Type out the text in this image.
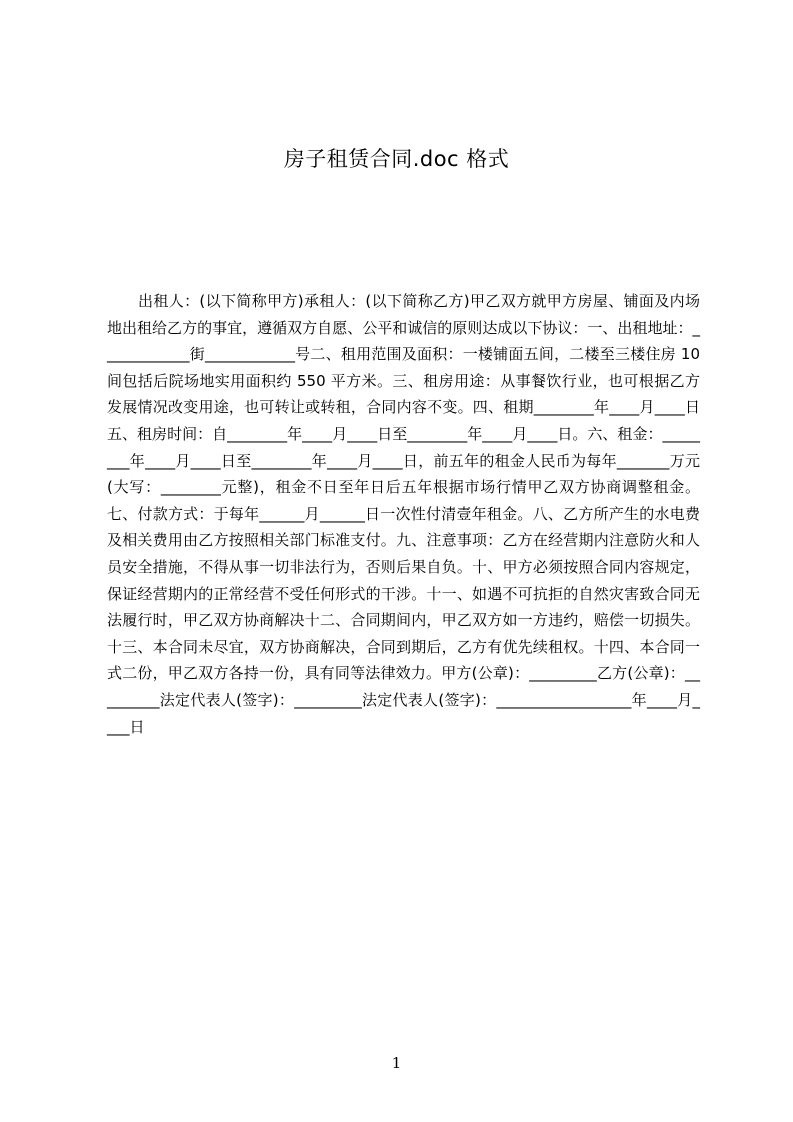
房子租赁合同.doc 格式

出租人：(以下简称甲方)承租人：(以下简称乙方)甲乙双方就甲方房屋、铺面及内场地出租给乙方的事宜，遵循双方自愿、公平和诚信的原则达成以下协议：一、出租地址：____________街____________号二、租用范围及面积：一楼铺面五间，二楼至三楼住房 10 间包括后院场地实用面积约 550 平方米。三、租房用途：从事餐饮行业，也可根据乙方发展情况改变用途，也可转让或转租，合同内容不变。四、租期________年____月____日五、租房时间：自________年____月____日至________年____月____日。六、租金：________年____月____日至________年____月____日，前五年的租金人民币为每年_______万元(大写：________元整)，租金不日至年日后五年根据市场行情甲乙双方协商调整租金。七、付款方式：于每年______月______日一次性付清壹年租金。八、乙方所产生的水电费及相关费用由乙方按照相关部门标准支付。九、注意事项：乙方在经营期内注意防火和人员安全措施，不得从事一切非法行为，否则后果自负。十、甲方必须按照合同内容规定，保证经营期内的正常经营不受任何形式的干涉。十一、如遇不可抗拒的自然灾害致合同无法履行时，甲乙双方协商解决十二、合同期间内，甲乙双方如一方违约，赔偿一切损失。十三、本合同未尽宜，双方协商解决，合同到期后，乙方有优先续租权。十四、本合同一式二份，甲乙双方各持一份，具有同等法律效力。甲方(公章)：_________乙方(公章)：_________法定代表人(签字)：_________法定代表人(签字)：__________________年____月____日

1
